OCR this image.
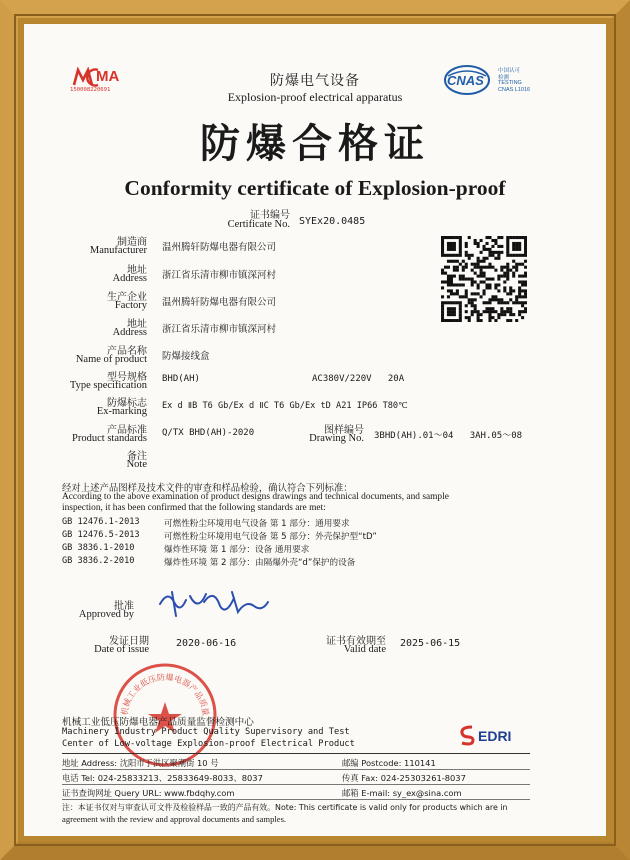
MA
150008220691
防爆电气设备
Explosion-proof electrical apparatus
CNAS
中国认可
检测
TESTING
CNAS L1016
防爆合格证
Conformity certificate of Explosion-proof
证书编号
Certificate No. SYEx20.0485
制造商
Manufacturer 温州腾轩防爆电器有限公司
地址
Address 浙江省乐清市柳市镇深河村
生产企业
Factory 温州腾轩防爆电器有限公司
地址
Address 浙江省乐清市柳市镇深河村
产品名称
Name of product 防爆接线盒
型号规格
Type specification
BHD(AH)	AC380V/220V   20A
防爆标志
Ex-marking Ex d ⅡB T6 Gb/Ex d ⅡC T6 Gb/Ex tD A21 IP66 T80℃
产品标准
Product standards Q/TX BHD(AH)-2020	图样编号
Drawing No. 3BHD(AH).01～04   3AH.05～08
备注
Note
经对上述产品图样及技术文件的审查和样品检验，确认符合下列标准：
According to the above examination of product designs drawings and technical documents, and sample
inspection, it has been confirmed that the following standards are met:
GB 12476.1-2013	可燃性粉尘环境用电气设备 第 1 部分：通用要求
GB 12476.5-2013	可燃性粉尘环境用电气设备 第 5 部分：外壳保护型“tD”
GB 3836.1-2010	爆炸性环境 第 1 部分：设备 通用要求
GB 3836.2-2010	爆炸性环境 第 2 部分：由隔爆外壳“d”保护的设备
批准
Approved by
发证日期
Date of issue
2020-06-16	证书有效期至
Valid date
2025-06-15
机械工业低压防爆电器产品质量
机械工业低压防爆电器产品质量监督检测中心
Machinery Industry Product Quality Supervisory and Test
Center of Low-voltage Explosion-proof Electrical Product	EDRI
地址 Address: 沈阳市于洪区聚潮街 10 号	邮编 Postcode: 110141
电话 Tel: 024-25833213、25833649-8033、8037	传真 Fax: 024-25303261-8037
证书查询网址 Query URL: www.fbdqhy.com	邮箱 E-mail: sy_ex@sina.com
注：本证书仅对与审查认可文件及检验样品一致的产品有效。Note: This certificate is valid only for products which are in
agreement with the review and approval documents and samples.
